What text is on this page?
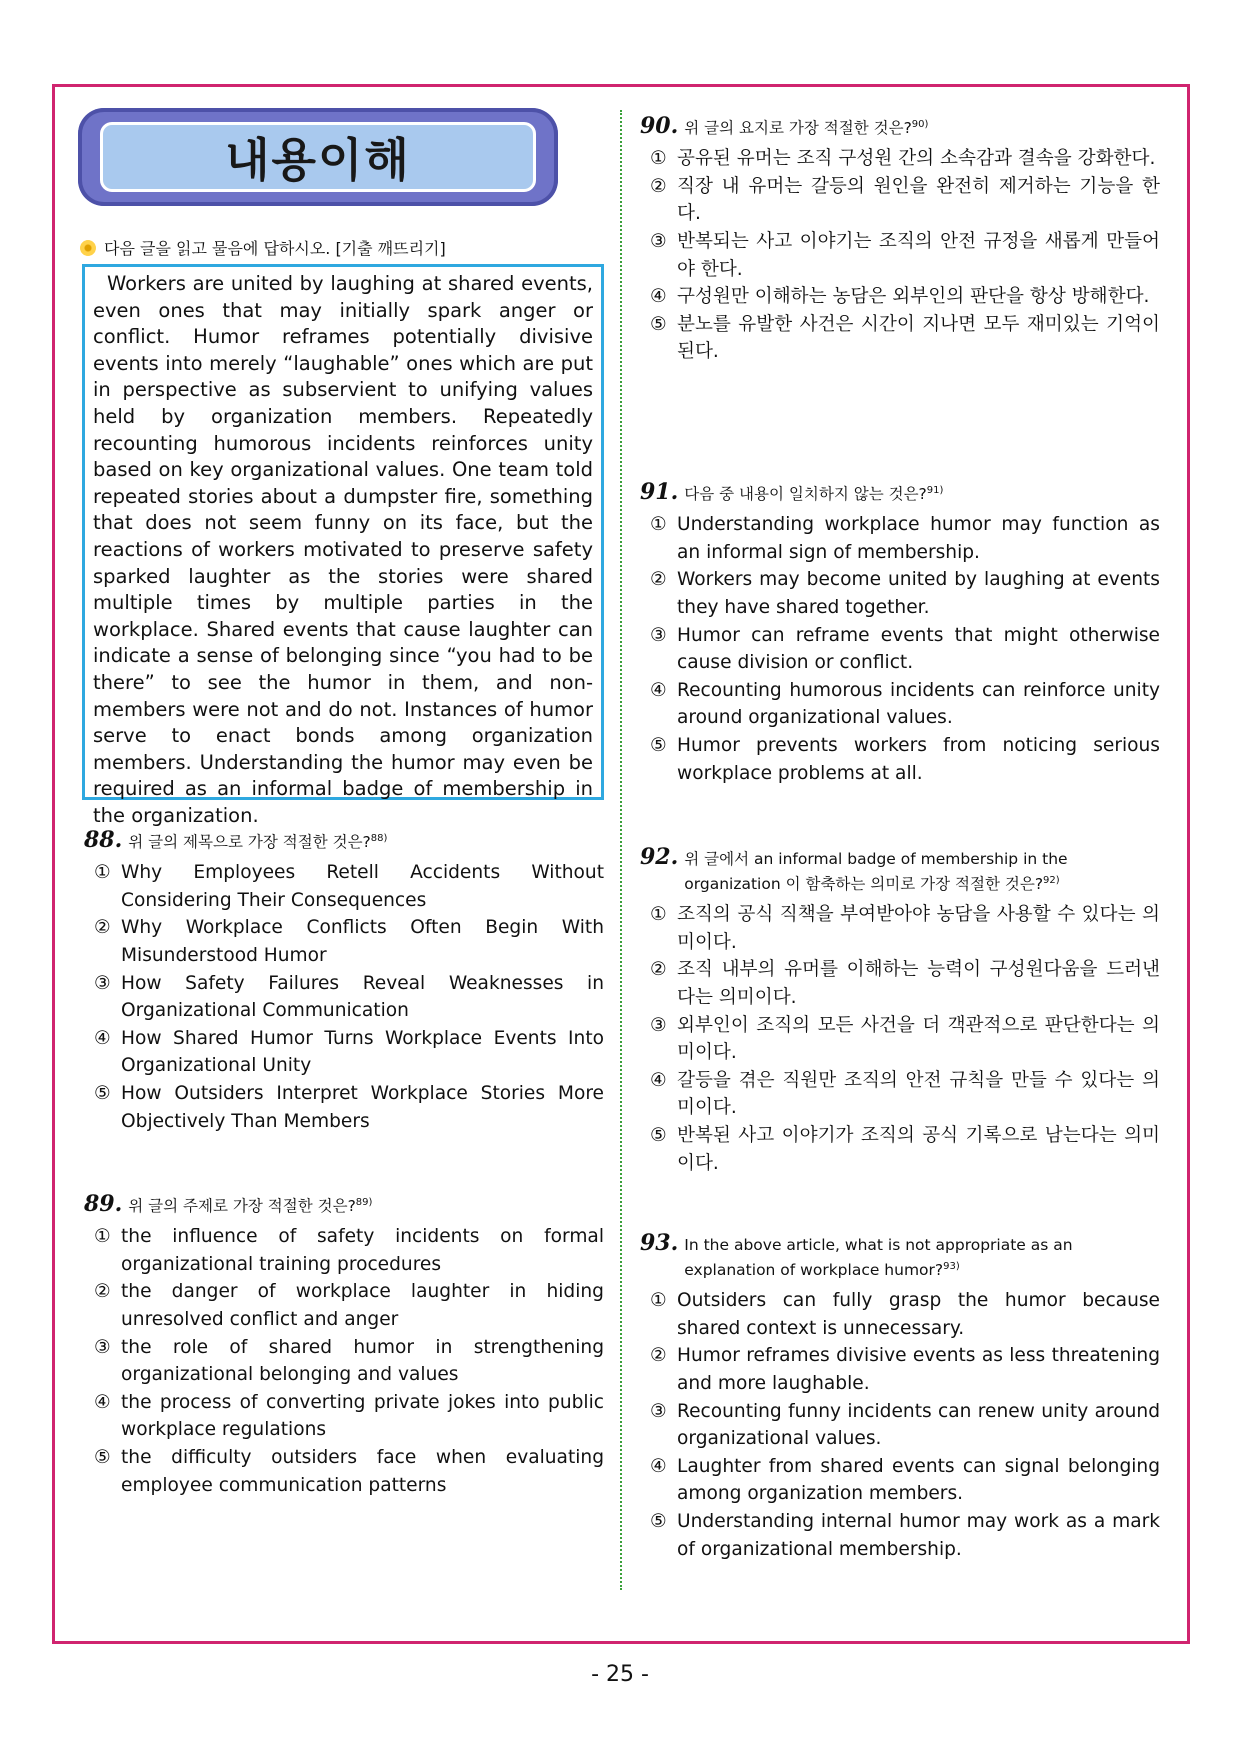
내용이해
다음 글을 읽고 물음에 답하시오. [기출 깨뜨리기]

Workers are united by laughing at shared events, even ones that may initially spark anger or conflict. Humor reframes potentially divisive events into merely “laughable” ones which are put in perspective as subservient to unifying values held by organization members. Repeatedly recounting humorous incidents reinforces unity based on key organizational values. One team told repeated stories about a dumpster fire, something that does not seem funny on its face, but the reactions of workers motivated to preserve safety sparked laughter as the stories were shared multiple times by multiple parties in the workplace. Shared events that cause laughter can indicate a sense of belonging since “you had to be there” to see the humor in them, and non-members were not and do not. Instances of humor serve to enact bonds among organization members. Understanding the humor may even be required as an informal badge of membership in the organization.

88. 위 글의 제목으로 가장 적절한 것은?$^{88)}$
① Why Employees Retell Accidents Without Considering Their Consequences
② Why Workplace Conflicts Often Begin With Misunderstood Humor
③ How Safety Failures Reveal Weaknesses in Organizational Communication
④ How Shared Humor Turns Workplace Events Into Organizational Unity
⑤ How Outsiders Interpret Workplace Stories More Objectively Than Members
89. 위 글의 주제로 가장 적절한 것은?$^{89)}$
① the influence of safety incidents on formal organizational training procedures
② the danger of workplace laughter in hiding unresolved conflict and anger
③ the role of shared humor in strengthening organizational belonging and values
④ the process of converting private jokes into public workplace regulations
⑤ the difficulty outsiders face when evaluating employee communication patterns
90. 위 글의 요지로 가장 적절한 것은?$^{90)}$
① 공유된 유머는 조직 구성원 간의 소속감과 결속을 강화한다.
② 직장 내 유머는 갈등의 원인을 완전히 제거하는 기능을 한다.
③ 반복되는 사고 이야기는 조직의 안전 규정을 새롭게 만들어야 한다.
④ 구성원만 이해하는 농담은 외부인의 판단을 항상 방해한다.
⑤ 분노를 유발한 사건은 시간이 지나면 모두 재미있는 기억이 된다.
91. 다음 중 내용이 일치하지 않는 것은?$^{91)}$
① Understanding workplace humor may function as an informal sign of membership.
② Workers may become united by laughing at events they have shared together.
③ Humor can reframe events that might otherwise cause division or conflict.
④ Recounting humorous incidents can reinforce unity around organizational values.
⑤ Humor prevents workers from noticing serious workplace problems at all.
92. 위 글에서 an informal badge of membership in the organization 이 함축하는 의미로 가장 적절한 것은?$^{92)}$
① 조직의 공식 직책을 부여받아야 농담을 사용할 수 있다는 의미이다.
② 조직 내부의 유머를 이해하는 능력이 구성원다움을 드러낸다는 의미이다.
③ 외부인이 조직의 모든 사건을 더 객관적으로 판단한다는 의미이다.
④ 갈등을 겪은 직원만 조직의 안전 규칙을 만들 수 있다는 의미이다.
⑤ 반복된 사고 이야기가 조직의 공식 기록으로 남는다는 의미이다.
93. In the above article, what is not appropriate as an explanation of workplace humor?$^{93)}$
① Outsiders can fully grasp the humor because shared context is unnecessary.
② Humor reframes divisive events as less threatening and more laughable.
③ Recounting funny incidents can renew unity around organizational values.
④ Laughter from shared events can signal belonging among organization members.
⑤ Understanding internal humor may work as a mark of organizational membership.
- 25 -
